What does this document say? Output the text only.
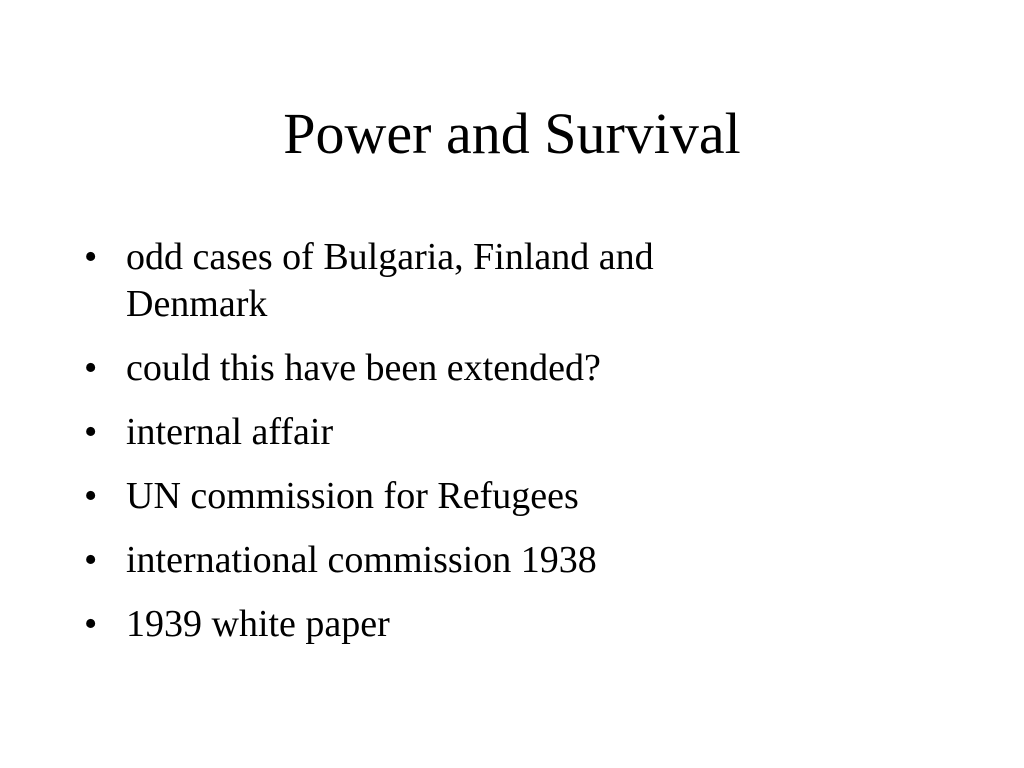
Power and Survival
• odd cases of Bulgaria, Finland and Denmark
• could this have been extended?
• internal affair
• UN commission for Refugees
• international commission 1938
• 1939 white paper
